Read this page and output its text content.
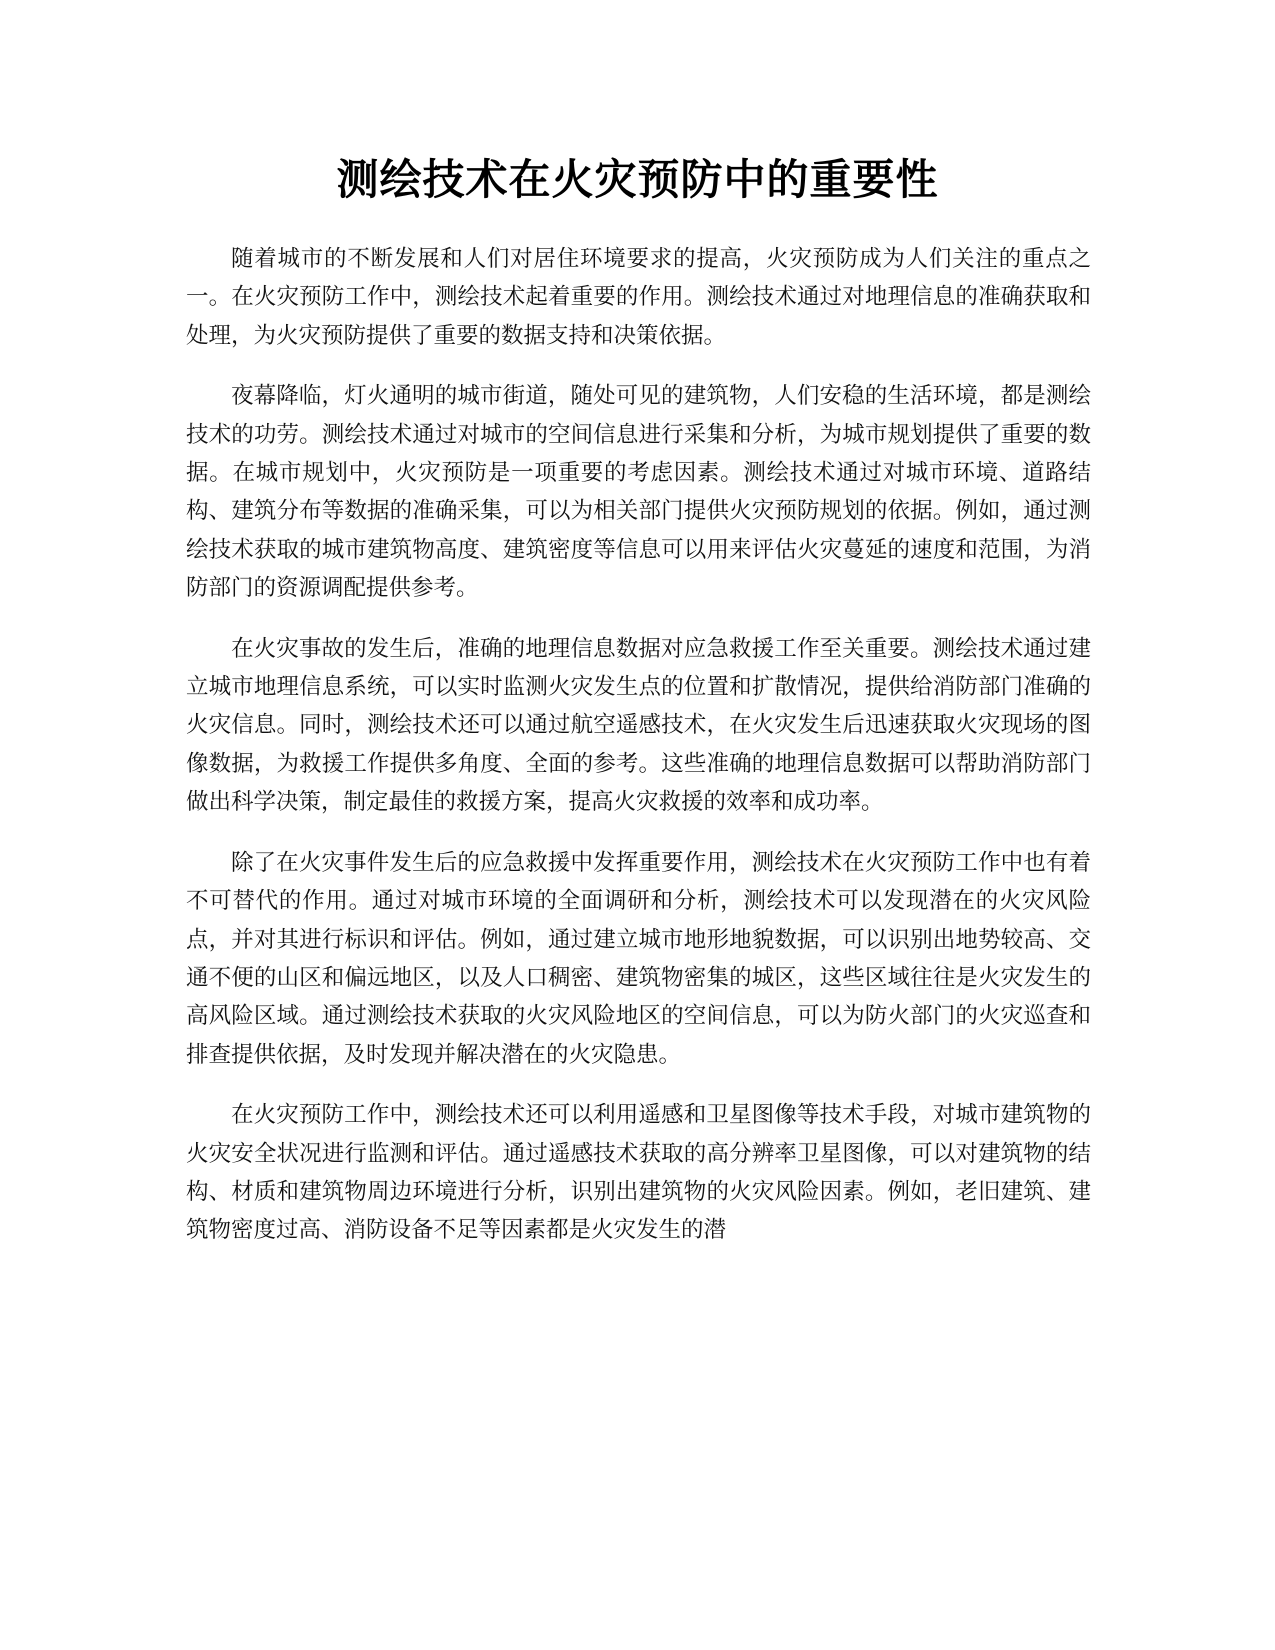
测绘技术在火灾预防中的重要性

随着城市的不断发展和人们对居住环境要求的提高，火灾预防成为人们关注的重点之一。在火灾预防工作中，测绘技术起着重要的作用。测绘技术通过对地理信息的准确获取和处理，为火灾预防提供了重要的数据支持和决策依据。

夜幕降临，灯火通明的城市街道，随处可见的建筑物，人们安稳的生活环境，都是测绘技术的功劳。测绘技术通过对城市的空间信息进行采集和分析，为城市规划提供了重要的数据。在城市规划中，火灾预防是一项重要的考虑因素。测绘技术通过对城市环境、道路结构、建筑分布等数据的准确采集，可以为相关部门提供火灾预防规划的依据。例如，通过测绘技术获取的城市建筑物高度、建筑密度等信息可以用来评估火灾蔓延的速度和范围，为消防部门的资源调配提供参考。

在火灾事故的发生后，准确的地理信息数据对应急救援工作至关重要。测绘技术通过建立城市地理信息系统，可以实时监测火灾发生点的位置和扩散情况，提供给消防部门准确的火灾信息。同时，测绘技术还可以通过航空遥感技术，在火灾发生后迅速获取火灾现场的图像数据，为救援工作提供多角度、全面的参考。这些准确的地理信息数据可以帮助消防部门做出科学决策，制定最佳的救援方案，提高火灾救援的效率和成功率。

除了在火灾事件发生后的应急救援中发挥重要作用，测绘技术在火灾预防工作中也有着不可替代的作用。通过对城市环境的全面调研和分析，测绘技术可以发现潜在的火灾风险点，并对其进行标识和评估。例如，通过建立城市地形地貌数据，可以识别出地势较高、交通不便的山区和偏远地区，以及人口稠密、建筑物密集的城区，这些区域往往是火灾发生的高风险区域。通过测绘技术获取的火灾风险地区的空间信息，可以为防火部门的火灾巡查和排查提供依据，及时发现并解决潜在的火灾隐患。

在火灾预防工作中，测绘技术还可以利用遥感和卫星图像等技术手段，对城市建筑物的火灾安全状况进行监测和评估。通过遥感技术获取的高分辨率卫星图像，可以对建筑物的结构、材质和建筑物周边环境进行分析，识别出建筑物的火灾风险因素。例如，老旧建筑、建筑物密度过高、消防设备不足等因素都是火灾发生的潜
